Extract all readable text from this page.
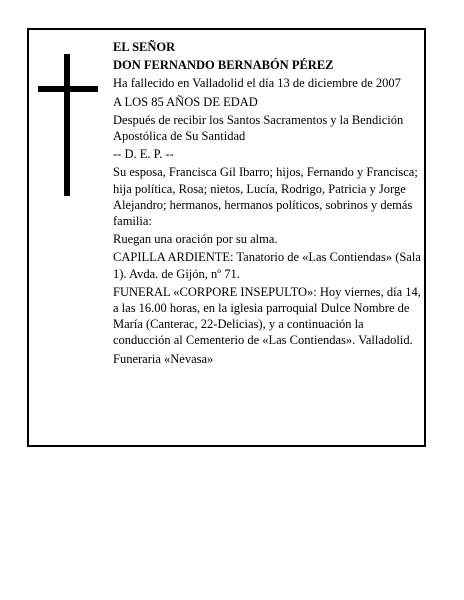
EL SEÑOR

DON FERNANDO BERNABÓN PÉREZ

Ha fallecido en Valladolid el día 13 de diciembre de 2007

A LOS 85 AÑOS DE EDAD

Después de recibir los Santos Sacramentos y la Bendición Apostólica de Su Santidad

-- D. E. P. --

Su esposa, Francisca Gil Ibarro; hijos, Fernando y Francisca; hija política, Rosa; nietos, Lucía, Rodrigo, Patricia y Jorge Alejandro; hermanos, hermanos políticos, sobrinos y demás familia:

Ruegan una oración por su alma.

CAPILLA ARDIENTE: Tanatorio de «Las Contiendas» (Sala 1). Avda. de Gijón, nº 71.

FUNERAL «CORPORE INSEPULTO»: Hoy viernes, día 14, a las 16.00 horas, en la iglesia parroquial Dulce Nombre de María (Canterac, 22-Delicias), y a continuación la conducción al Cementerio de «Las Contiendas». Valladolid.

Funeraria «Nevasa»
